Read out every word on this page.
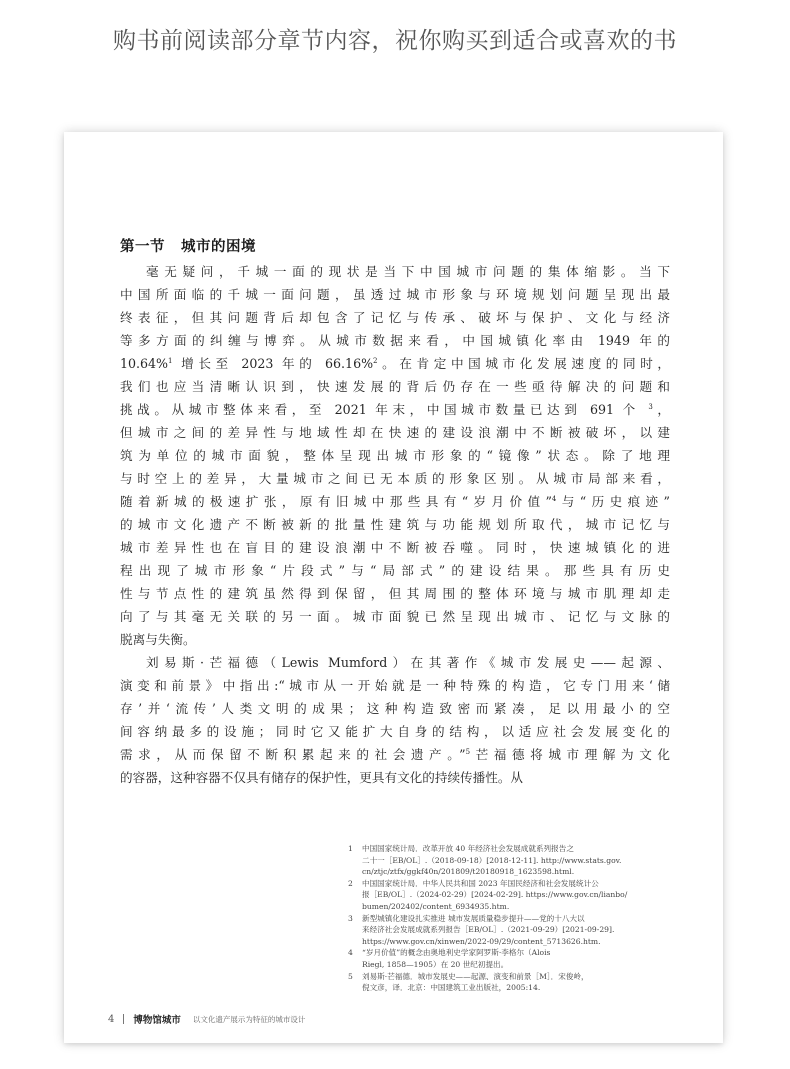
购书前阅读部分章节内容，祝你购买到适合或喜欢的书
第一节 城市的困境
毫无疑问，千城一面的现状是当下中国城市问题的集体缩影。当下
中国所面临的千城一面问题，虽透过城市形象与环境规划问题呈现出最
终表征，但其问题背后却包含了记忆与传承、破坏与保护、文化与经济
等多方面的纠缠与博弈。从城市数据来看，中国城镇化率由 1949 年的
10.64%$^1$ 增长至 2023 年的 66.16%$^2$。在肯定中国城市化发展速度的同时，
我们也应当清晰认识到，快速发展的背后仍存在一些亟待解决的问题和
挑战。从城市整体来看，至 2021 年末，中国城市数量已达到 691 个 $^3$，
但城市之间的差异性与地域性却在快速的建设浪潮中不断被破坏，以建
筑为单位的城市面貌，整体呈现出城市形象的“镜像”状态。除了地理
与时空上的差异，大量城市之间已无本质的形象区别。从城市局部来看，
随着新城的极速扩张，原有旧城中那些具有“岁月价值”$^4$与“历史痕迹”
的城市文化遗产不断被新的批量性建筑与功能规划所取代，城市记忆与
城市差异性也在盲目的建设浪潮中不断被吞噬。同时，快速城镇化的进
程出现了城市形象“片段式”与“局部式”的建设结果。那些具有历史
性与节点性的建筑虽然得到保留，但其周围的整体环境与城市肌理却走
向了与其毫无关联的另一面。城市面貌已然呈现出城市、记忆与文脉的
脱离与失衡。
刘易斯·芒福德（Lewis Mumford）在其著作《城市发展史——起源、
演变和前景》中指出:“城市从一开始就是一种特殊的构造，它专门用来‘储
存’并‘流传’人类文明的成果；这种构造致密而紧凑，足以用最小的空
间容纳最多的设施；同时它又能扩大自身的结构，以适应社会发展变化的
需求，从而保留不断积累起来的社会遗产。”$^5$芒福德将城市理解为文化
的容器，这种容器不仅具有储存的保护性，更具有文化的持续传播性。从
1	中国国家统计局．改革开放 40 年经济社会发展成就系列报告之
二十一［EB/OL］.（2018-09-18）[2018-12-11]. http://www.stats.gov.
cn/ztjc/ztfx/ggkf40n/201809/t20180918_1623598.html.
2	中国国家统计局．中华人民共和国 2023 年国民经济和社会发展统计公
报［EB/OL］.（2024-02-29）[2024-02-29]. https://www.gov.cn/lianbo/
bumen/202402/content_6934935.htm.
3	新型城镇化建设扎实推进 城市发展质量稳步提升——党的十八大以
来经济社会发展成就系列报告［EB/OL］.（2021-09-29）[2021-09-29].
https://www.gov.cn/xinwen/2022-09/29/content_5713626.htm.
4	“岁月价值”的概念由奥地利史学家阿罗斯·李格尔（Alois
Riegl, 1858—1905）在 20 世纪初提出。
5	刘易斯·芒福德．城市发展史——起源、演变和前景［M］．宋俊岭，
倪文彦，译．北京：中国建筑工业出版社，2005:14.
4 博物馆城市 以文化遗产展示为特征的城市设计
